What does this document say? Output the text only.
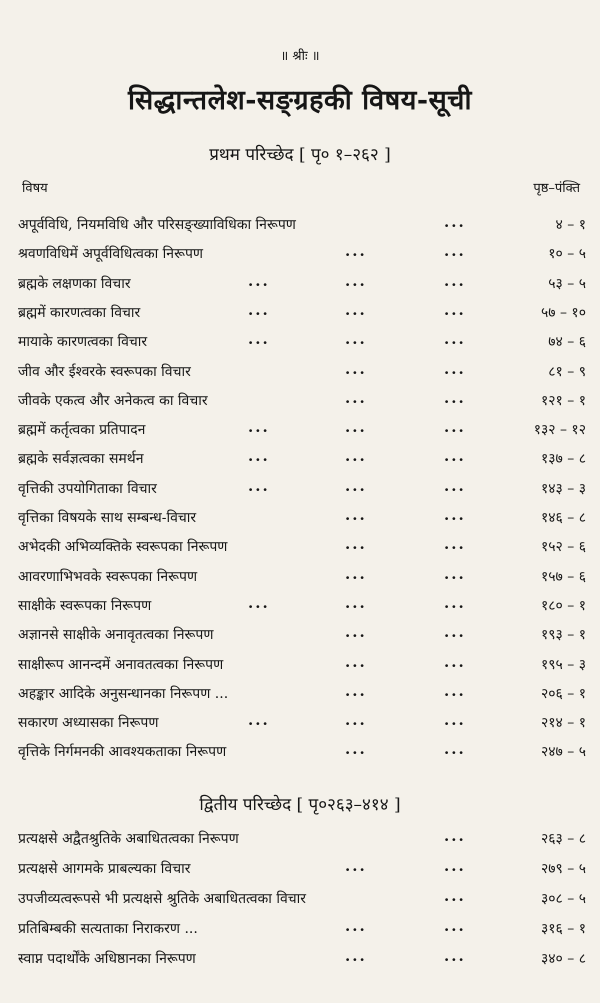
॥ श्रीः ॥
सिद्धान्तलेश-सङ्ग्रहकी विषय-सूची
प्रथम परिच्छेद [ पृ० १–२६२ ]
विषय	पृष्ठ–पंक्ति
अपूर्वविधि, नियमविधि और परिसङ्ख्याविधिका निरूपण	...	४ – १
श्रवणविधिमें अपूर्वविधित्वका निरूपण	...	...	१० – ५
ब्रह्मके लक्षणका विचार	...	...	...	५३ – ५
ब्रह्ममें कारणत्वका विचार	...	...	...	५७ – १०
मायाके कारणत्वका विचार	...	...	...	७४ – ६
जीव और ईश्वरके स्वरूपका विचार	...	...	८१ – ९
जीवके एकत्व और अनेकत्व का विचार	...	...	१२१ – १
ब्रह्ममें कर्तृत्वका प्रतिपादन	...	...	...	१३२ – १२
ब्रह्मके सर्वज्ञत्वका समर्थन	...	...	...	१३७ – ८
वृत्तिकी उपयोगिताका विचार	...	...	...	१४३ – ३
वृत्तिका विषयके साथ सम्बन्ध-विचार	...	...	१४६ – ८
अभेदकी अभिव्यक्तिके स्वरूपका निरूपण	...	...	१५२ – ६
आवरणाभिभवके स्वरूपका निरूपण	...	...	१५७ – ६
साक्षीके स्वरूपका निरूपण	...	...	...	१८० – १
अज्ञानसे साक्षीके अनावृतत्वका निरूपण	...	...	१९३ – १
साक्षीरूप आनन्दमें अनावतत्वका निरूपण	...	...	१९५ – ३
अहङ्कार आदिके अनुसन्धानका निरूपण ...	...	...	२०६ – १
सकारण अध्यासका निरूपण	...	...	...	२१४ – १
वृत्तिके निर्गमनकी आवश्यकताका निरूपण	...	...	२४७ – ५
द्वितीय परिच्छेद [ पृ०२६३–४१४ ]
प्रत्यक्षसे अद्वैतश्रुतिके अबाधितत्वका निरूपण	...	२६३ – ८
प्रत्यक्षसे आगमके प्राबल्यका विचार	...	...	२७९ – ५
उपजीव्यत्वरूपसे भी प्रत्यक्षसे श्रुतिके अबाधितत्वका विचार	...	३०८ – ५
प्रतिबिम्बकी सत्यताका निराकरण ...	...	...	३१६ – १
स्वाप्न पदार्थोंके अधिष्ठानका निरूपण	...	...	३४० – ८
